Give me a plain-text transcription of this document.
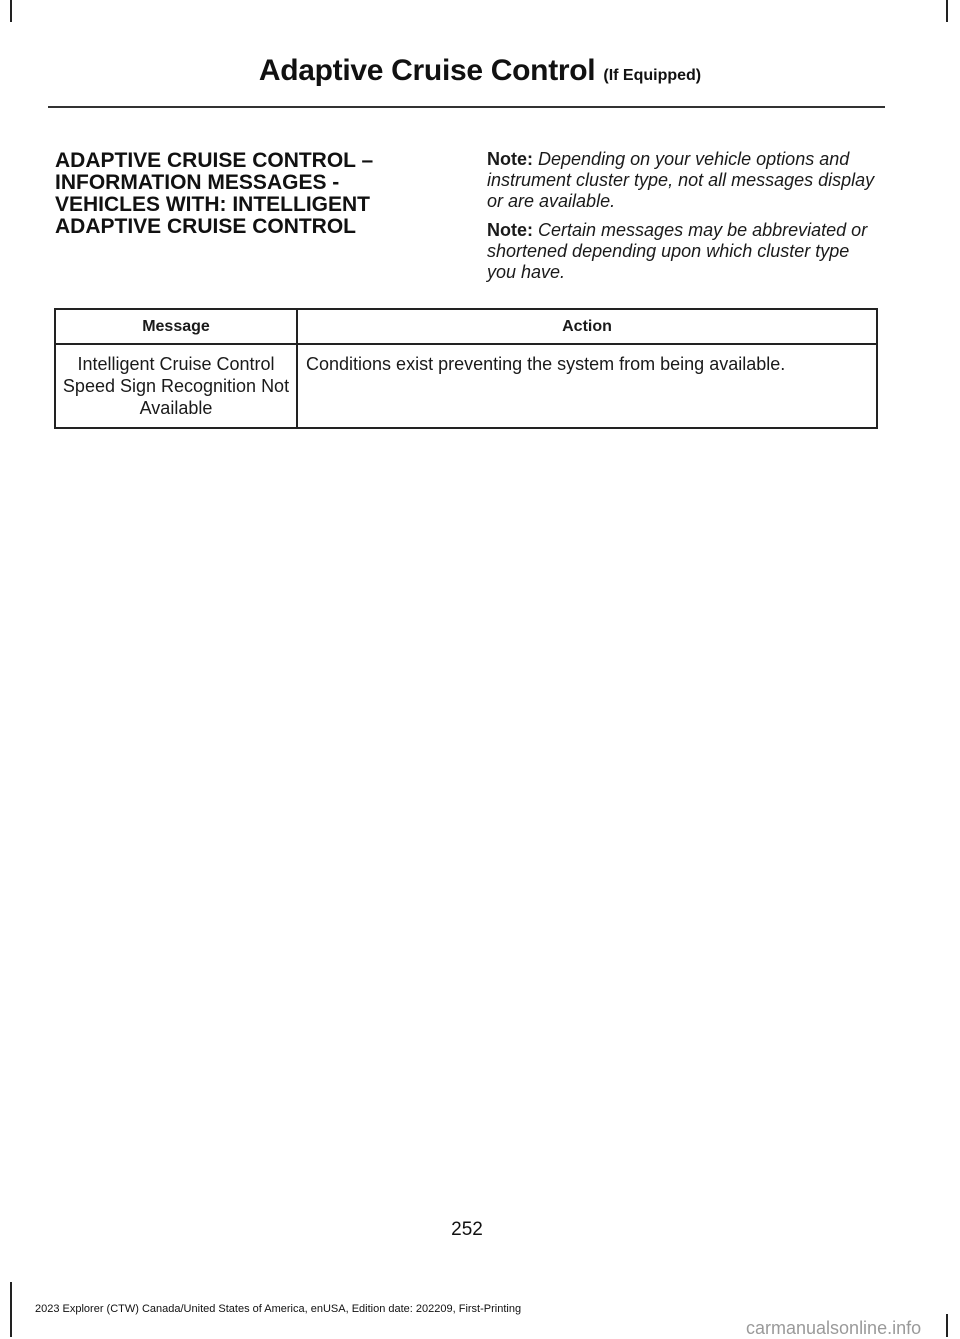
Adaptive Cruise Control (If Equipped)
ADAPTIVE CRUISE CONTROL – INFORMATION MESSAGES - VEHICLES WITH: INTELLIGENT ADAPTIVE CRUISE CONTROL

Note: Depending on your vehicle options and instrument cluster type, not all messages display or are available.

Note: Certain messages may be abbreviated or shortened depending upon which cluster type you have.

Message	Action
Intelligent Cruise Control Speed Sign Recognition Not Available	Conditions exist preventing the system from being available.
252
2023 Explorer (CTW) Canada/United States of America, enUSA, Edition date: 202209, First-Printing
carmanualsonline.info
